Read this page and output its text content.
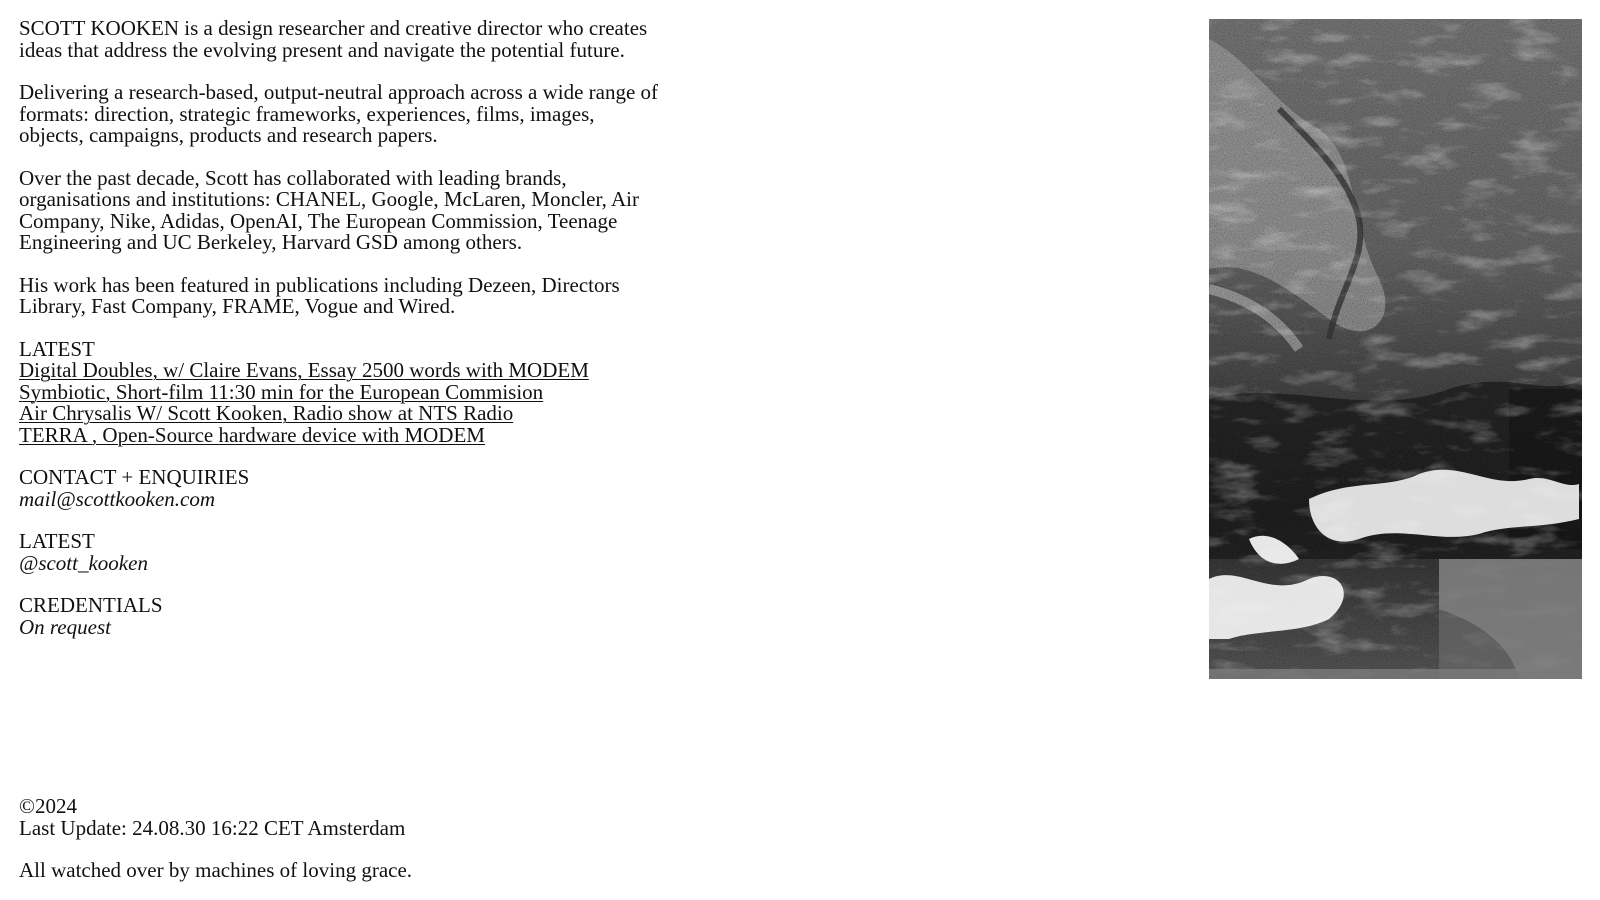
SCOTT KOOKEN is a design researcher and creative director who creates ideas that address the evolving present and navigate the potential future.

Delivering a research-based, output-neutral approach across a wide range of formats: direction, strategic frameworks, experiences, films, images, objects, campaigns, products and research papers.

Over the past decade, Scott has collaborated with leading brands, organisations and institutions: CHANEL, Google, McLaren, Moncler, Air Company, Nike, Adidas, OpenAI, The European Commission, Teenage Engineering and UC Berkeley, Harvard GSD among others.

His work has been featured in publications including Dezeen, Directors Library, Fast Company, FRAME, Vogue and Wired.

LATEST
Digital Doubles, w/ Claire Evans, Essay 2500 words with MODEM
Symbiotic, Short-film 11:30 min for the European Commision
Air Chrysalis W/ Scott Kooken, Radio show at NTS Radio
TERRA , Open-Source hardware device with MODEM
CONTACT + ENQUIRIES
mail@scottkooken.com
LATEST
@scott_kooken
CREDENTIALS
On request
©2024
Last Update: 24.08.30 16:22 CET Amsterdam
All watched over by machines of loving grace.
